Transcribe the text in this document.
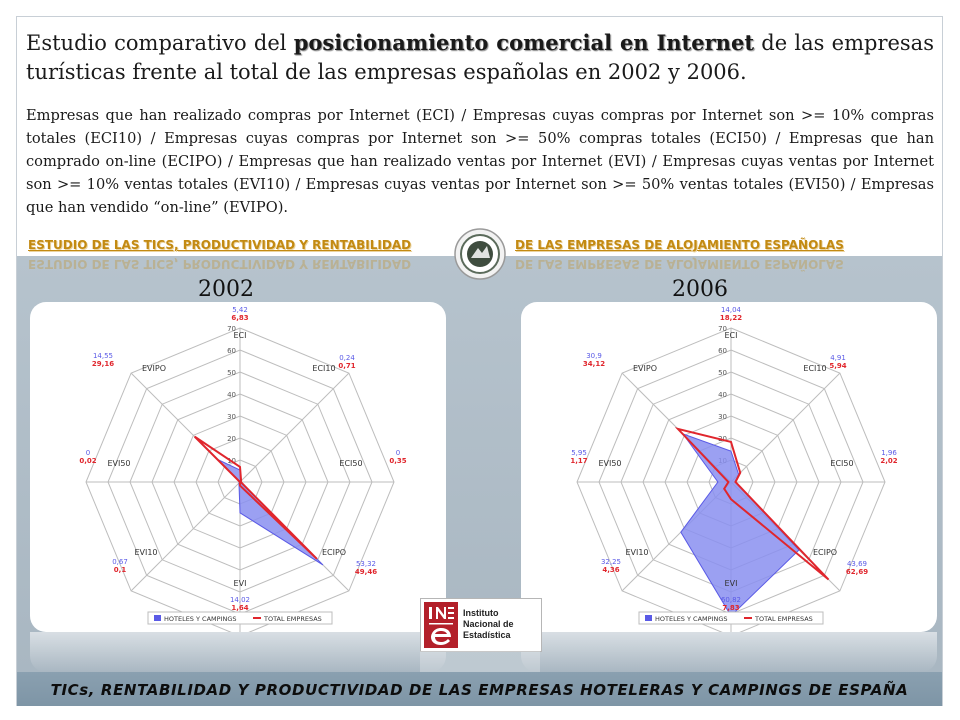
Estudio comparativo del posicionamiento comercial en Internet de las empresas turísticas frente al total de las empresas españolas en 2002 y 2006.

Empresas que han realizado compras por Internet (ECI) / Empresas cuyas compras por Internet son >= 10% compras totales (ECI10) / Empresas cuyas compras por Internet son >= 50% compras totales (ECI50) / Empresas que han comprado on-line (ECIPO) / Empresas que han realizado ventas por Internet (EVI) / Empresas cuyas ventas por Internet son >= 10% ventas totales (EVI10) / Empresas cuyas ventas por Internet son >= 50% ventas totales (EVI50) / Empresas que han vendido “on-line” (EVIPO).

ESTUDIO DE LAS TICS, PRODUCTIVIDAD Y RENTABILIDAD	DE LAS EMPRESAS DE ALOJAMIENTO ESPAÑOLAS
ESTUDIO DE LAS TICS, PRODUCTIVIDAD Y RENTABILIDAD	DE LAS EMPRESAS DE ALOJAMIENTO ESPAÑOLAS
2002	2006
10
20
30
40
50
60
70
ECI
5,42
6,83
ECI10
0,24
0,71
ECI50
0
0,35
ECIPO
53,32
49,46
EVI
14,02
1,64
EVI10
0,67
0,1
EVI50
0
0,02
EVIPO
14,55
29,16
HOTELES Y CAMPINGS	TOTAL EMPRESAS
20
30
40
50
60
70
ECI
14,04
18,22
ECI10
4,91
5,94
ECI50
1,96
2,02
ECIPO
43,69
62,69
EVI
60,82
7,83
EVI10
32,25
4,36
EVI50
5,95
1,17
EVIPO
30,9
34,12
HOTELES Y CAMPINGS	TOTAL EMPRESAS
Instituto
Nacional de
Estadística
TICs, RENTABILIDAD Y PRODUCTIVIDAD DE LAS EMPRESAS HOTELERAS Y CAMPINGS DE ESPAÑA
